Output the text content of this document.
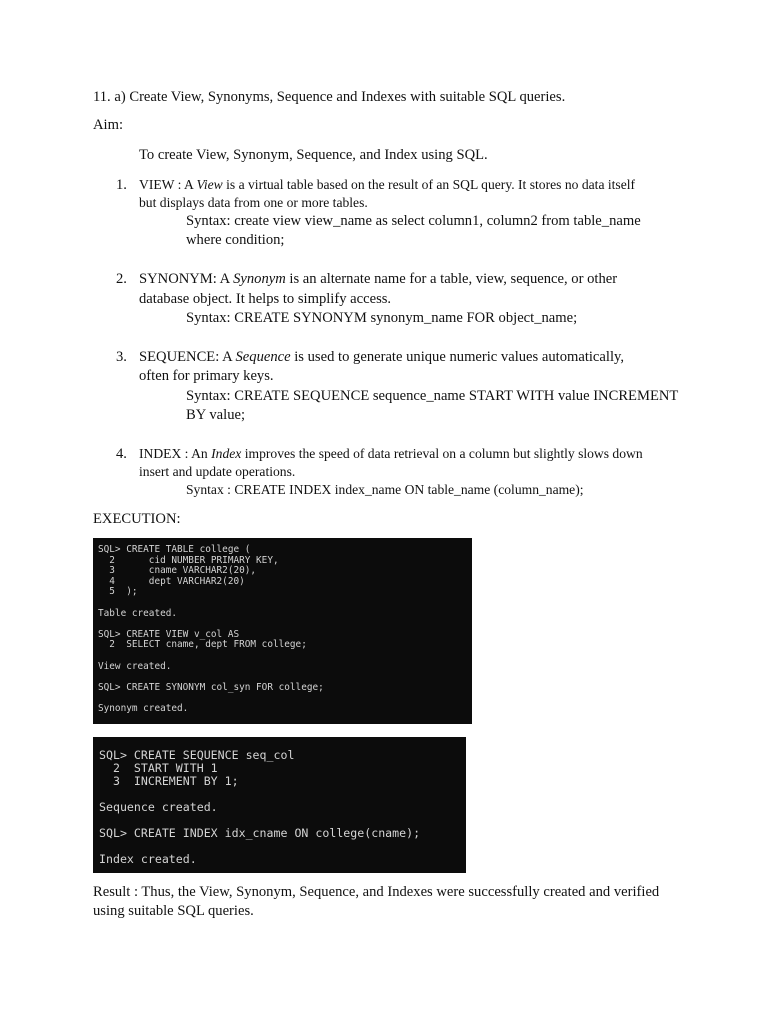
11. a) Create View, Synonyms, Sequence and Indexes with suitable SQL queries.
Aim:
To create View, Synonym, Sequence, and Index using SQL.
1. VIEW : A View is a virtual table based on the result of an SQL query. It stores no data itself
but displays data from one or more tables.
Syntax: create view view_name as select column1, column2 from table_name
where condition;
2. SYNONYM: A Synonym is an alternate name for a table, view, sequence, or other
database object. It helps to simplify access.
Syntax: CREATE SYNONYM synonym_name FOR object_name;
3. SEQUENCE: A Sequence is used to generate unique numeric values automatically,
often for primary keys.
Syntax: CREATE SEQUENCE sequence_name START WITH value INCREMENT
BY value;
4. INDEX : An Index improves the speed of data retrieval on a column but slightly slows down
insert and update operations.
Syntax : CREATE INDEX index_name ON table_name (column_name);
EXECUTION:
SQL> CREATE TABLE college (
2      cid NUMBER PRIMARY KEY,
3      cname VARCHAR2(20),
4      dept VARCHAR2(20)
5  );

Table created.

SQL> CREATE VIEW v_col AS
2  SELECT cname, dept FROM college;

View created.

SQL> CREATE SYNONYM col_syn FOR college;

Synonym created.
SQL> CREATE SEQUENCE seq_col
2  START WITH 1
3  INCREMENT BY 1;

Sequence created.

SQL> CREATE INDEX idx_cname ON college(cname);

Index created.
Result : Thus, the View, Synonym, Sequence, and Indexes were successfully created and verified
using suitable SQL queries.
